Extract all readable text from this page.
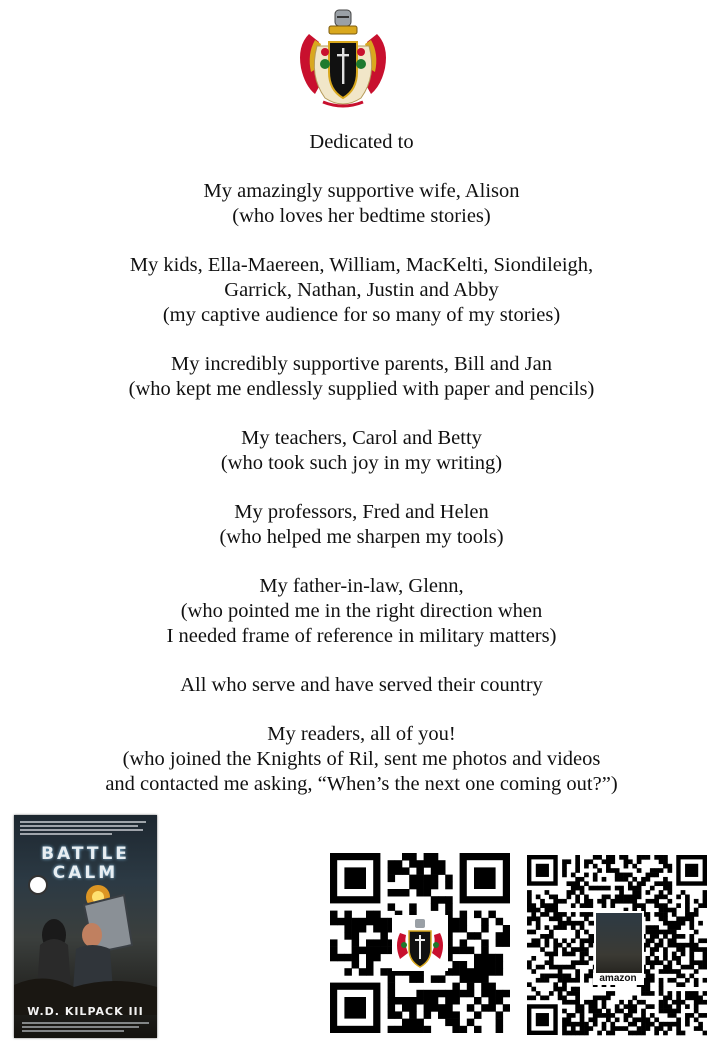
Dedicated to
My amazingly supportive wife, Alison
(who loves her bedtime stories)
My kids, Ella-Maereen, William, MacKelti, Siondileigh,
Garrick, Nathan, Justin and Abby
(my captive audience for so many of my stories)
My incredibly supportive parents, Bill and Jan
(who kept me endlessly supplied with paper and pencils)
My teachers, Carol and Betty
(who took such joy in my writing)
My professors, Fred and Helen
(who helped me sharpen my tools)
My father-in-law, Glenn,
(who pointed me in the right direction when
I needed frame of reference in military matters)
All who serve and have served their country
My readers, all of you!
(who joined the Knights of Ril, sent me photos and videos
and contacted me asking, “When’s the next one coming out?”)
BATTLE
CALM
W.D. KILPACK III
amazon
